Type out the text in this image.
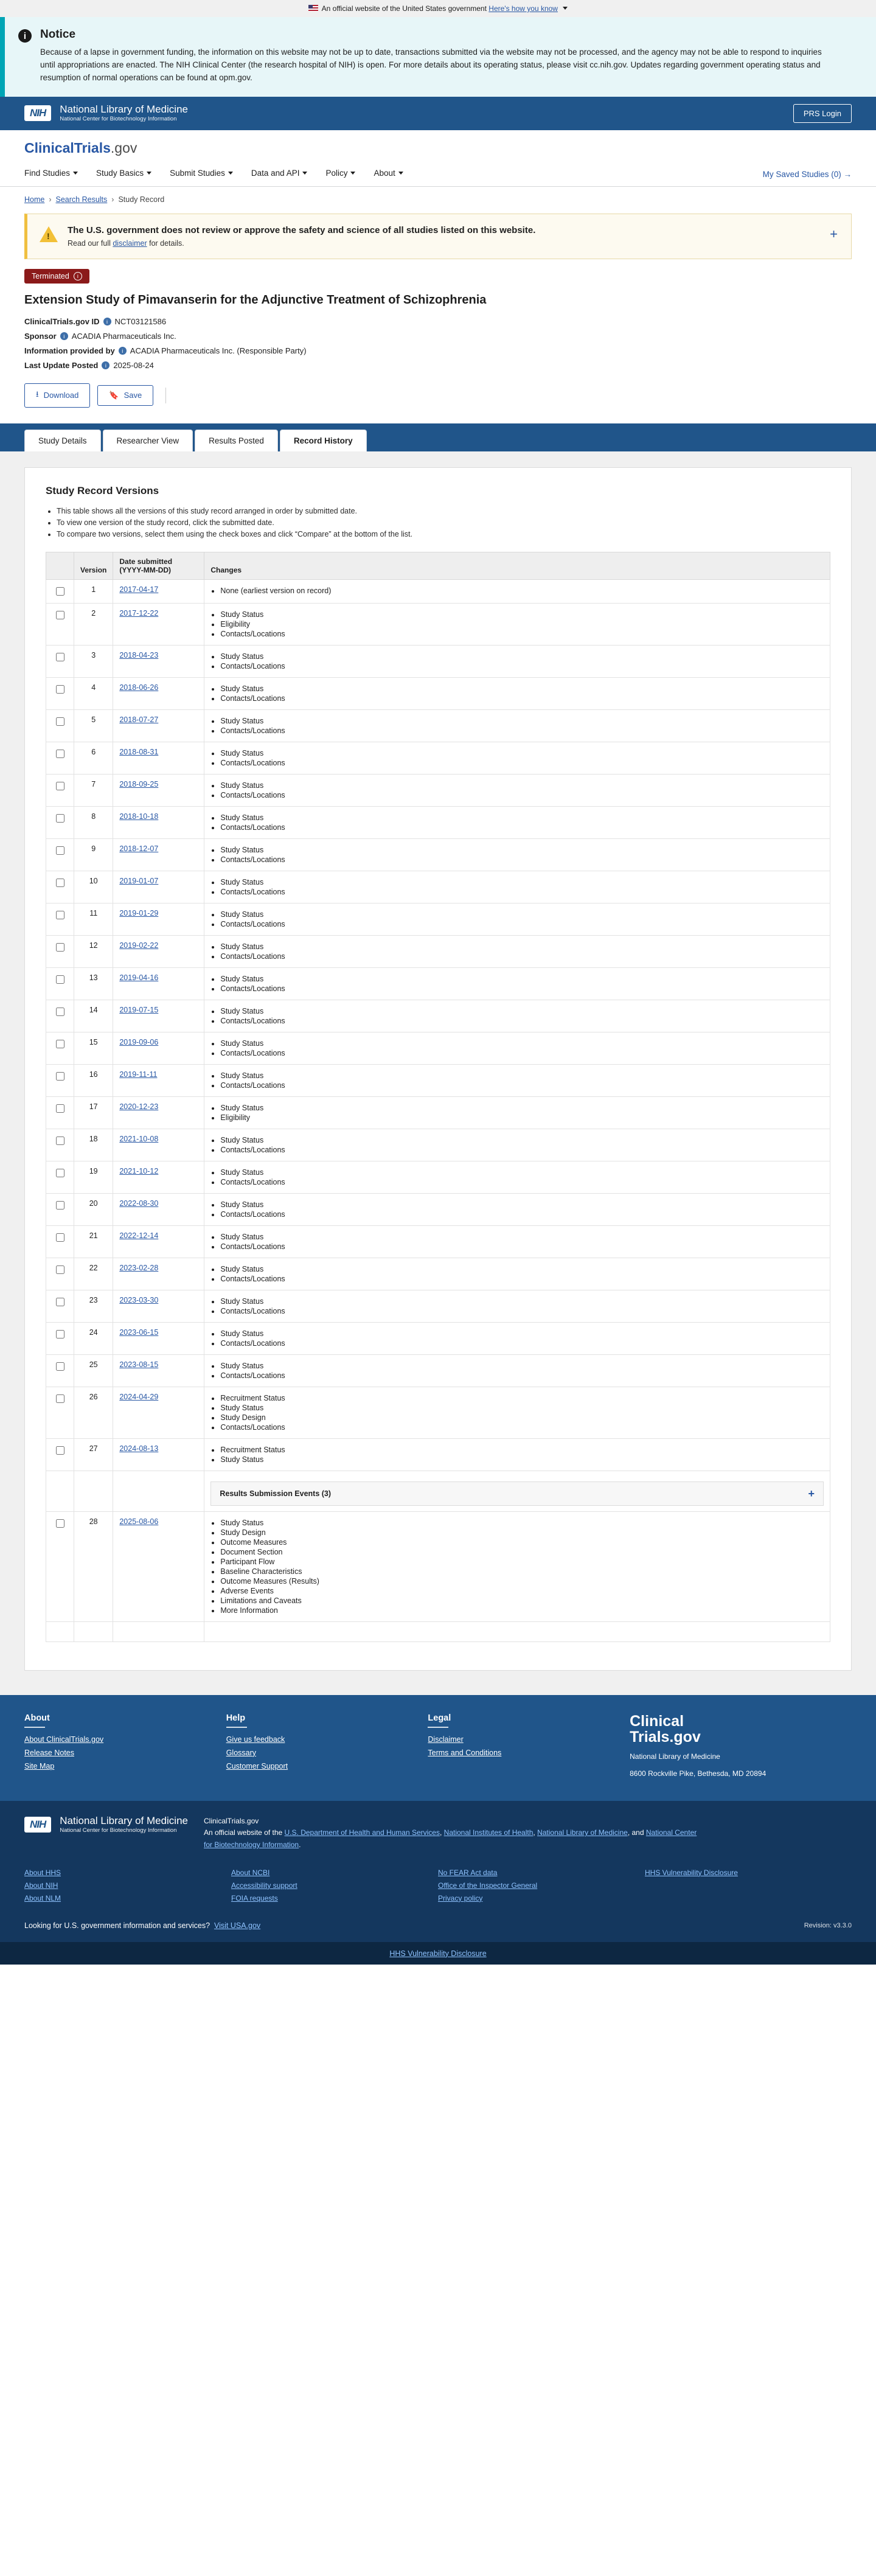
An official website of the United States government Here's how you know
i	Notice

Because of a lapse in government funding, the information on this website may not be up to date, transactions submitted via the website may not be processed, and the agency may not be able to respond to inquiries until appropriations are enacted. The NIH Clinical Center (the research hospital of NIH) is open. For more details about its operating status, please visit cc.nih.gov. Updates regarding government operating status and resumption of normal operations can be found at opm.gov.

NIH	National Library of Medicine
National Center for Biotechnology Information
PRS Login
ClinicalTrials.gov
Find Studies	Study Basics	Submit Studies	Data and API	Policy	About	My Saved Studies (0) →
Home › Search Results › Study Record
!
The U.S. government does not review or approve the safety and science of all studies listed on this website.

Read our full disclaimer for details.

+
Terminated	i
Extension Study of Pimavanserin for the Adjunctive Treatment of Schizophrenia
ClinicalTrials.gov ID i NCT03121586
Sponsor i ACADIA Pharmaceuticals Inc.
Information provided by i ACADIA Pharmaceuticals Inc. (Responsible Party)
Last Update Posted i 2025-08-24
⭳ Download	🔖 Save
Study Details	Researcher View	Results Posted	Record History
Study Record Versions
• This table shows all the versions of this study record arranged in order by submitted date.
• To view one version of the study record, click the submitted date.
• To compare two versions, select them using the check boxes and click “Compare” at the bottom of the list.
	Version	Date submitted (YYYY-MM-DD)	Changes
	1	2017-04-17	
•None (earliest version on record)

	2	2017-12-22	
•Study Status
• Eligibility
• Contacts/Locations

	3	2018-04-23	
•Study Status
• Contacts/Locations

	4	2018-06-26	
•Study Status
• Contacts/Locations

	5	2018-07-27	
•Study Status
• Contacts/Locations

	6	2018-08-31	
•Study Status
• Contacts/Locations

	7	2018-09-25	
•Study Status
• Contacts/Locations

	8	2018-10-18	
•Study Status
• Contacts/Locations

	9	2018-12-07	
•Study Status
• Contacts/Locations

	10	2019-01-07	
•Study Status
• Contacts/Locations

	11	2019-01-29	
•Study Status
• Contacts/Locations

	12	2019-02-22	
•Study Status
• Contacts/Locations

	13	2019-04-16	
•Study Status
• Contacts/Locations

	14	2019-07-15	
•Study Status
• Contacts/Locations

	15	2019-09-06	
•Study Status
• Contacts/Locations

	16	2019-11-11	
•Study Status
• Contacts/Locations

	17	2020-12-23	
•Study Status
• Eligibility

	18	2021-10-08	
•Study Status
• Contacts/Locations

	19	2021-10-12	
•Study Status
• Contacts/Locations

	20	2022-08-30	
•Study Status
• Contacts/Locations

	21	2022-12-14	
•Study Status
• Contacts/Locations

	22	2023-02-28	
•Study Status
• Contacts/Locations

	23	2023-03-30	
•Study Status
• Contacts/Locations

	24	2023-06-15	
•Study Status
• Contacts/Locations

	25	2023-08-15	
•Study Status
• Contacts/Locations

	26	2024-04-29	
•Recruitment Status
• Study Status
• Study Design
• Contacts/Locations

	27	2024-08-13	
•Recruitment Status
• Study Status

			Results Submission Events (3) +

	28	2025-08-06	
•Study Status
• Study Design
• Outcome Measures
• Document Section
• Participant Flow
• Baseline Characteristics
• Outcome Measures (Results)
• Adverse Events
• Limitations and Caveats
• More Information

About
About ClinicalTrials.gov
Release Notes
Site Map
Help
Give us feedback
Glossary
Customer Support
Legal
Disclaimer
Terms and Conditions
Clinical
Trials.gov
National Library of Medicine
8600 Rockville Pike, Bethesda, MD 20894
NIH	National Library of Medicine
National Center for Biotechnology Information
ClinicalTrials.gov
An official website of the U.S. Department of Health and Human Services, National Institutes of Health, National Library of Medicine, and National Center for Biotechnology Information.
About HHS
About NIH
About NLM
About NCBI
Accessibility support
FOIA requests
No FEAR Act data
Office of the Inspector General
Privacy policy
HHS Vulnerability Disclosure
Looking for U.S. government information and services? Visit USA.gov	Revision: v3.3.0
HHS Vulnerability Disclosure
